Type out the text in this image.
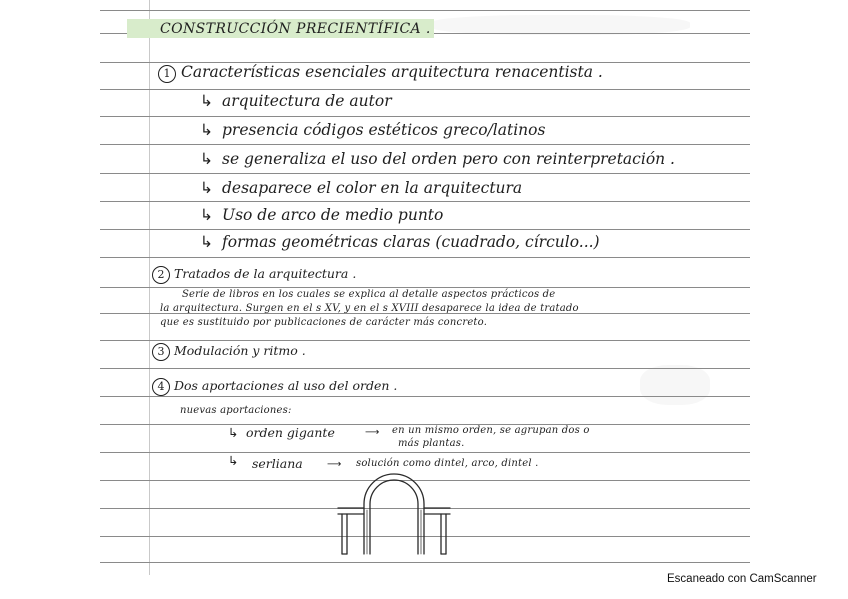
CONSTRUCCIÓN PRECIENTÍFICA .
1 Características esenciales arquitectura renacentista .
↳ arquitectura de autor
↳ presencia códigos estéticos greco/latinos
↳ se generaliza el uso del orden pero con reinterpretación .
↳ desaparece el color en la arquitectura
↳ Uso de arco de medio punto
↳ formas geométricas claras (cuadrado, círculo...)
2 Tratados de la arquitectura .
Serie de libros en los cuales se explica al detalle aspectos prácticos de
la arquitectura. Surgen en el s XV, y en el s XVIII desaparece la idea de tratado
que es sustituido por publicaciones de carácter más concreto.
3 Modulación y ritmo .
4 Dos aportaciones al uso del orden .
nuevas aportaciones:
↳ orden gigante	⟶ en un mismo orden, se agrupan dos o
más plantas.
↳ serliana ⟶ solución como dintel, arco, dintel .
Escaneado con CamScanner
